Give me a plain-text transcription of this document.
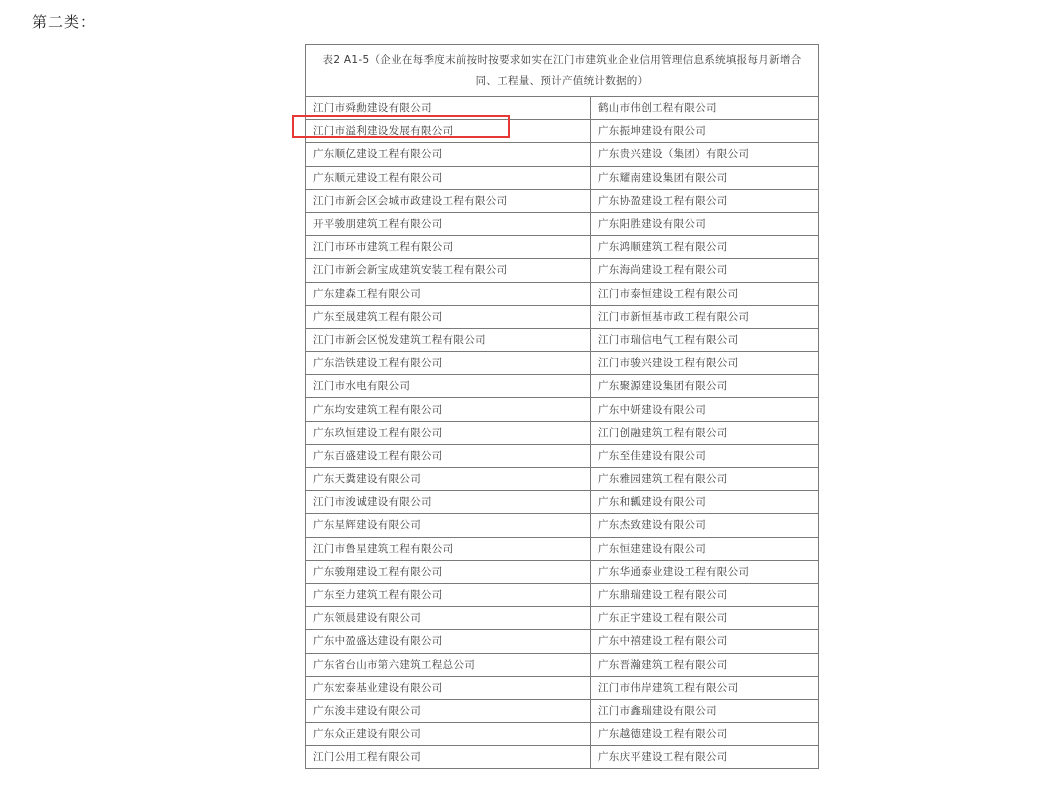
第二类：
表2 A1-5（企业在每季度末前按时按要求如实在江门市建筑业企业信用管理信息系统填报每月新增合同、工程量、预计产值统计数据的）	
江门市舜勳建设有限公司	鹤山市伟创工程有限公司
江门市溢利建设发展有限公司	广东振坤建设有限公司
广东顺亿建设工程有限公司	广东贵兴建设（集团）有限公司
广东顺元建设工程有限公司	广东耀南建设集团有限公司
江门市新会区会城市政建设工程有限公司	广东协盈建设工程有限公司
开平骏朋建筑工程有限公司	广东阳胜建设有限公司
江门市环市建筑工程有限公司	广东鸿顺建筑工程有限公司
江门市新会新宝成建筑安装工程有限公司	广东海尚建设工程有限公司
广东建森工程有限公司	江门市泰恒建设工程有限公司
广东至晟建筑工程有限公司	江门市新恒基市政工程有限公司
江门市新会区悦发建筑工程有限公司	江门市瑞信电气工程有限公司
广东浩铁建设工程有限公司	江门市骏兴建设工程有限公司
江门市水电有限公司	广东聚源建设集团有限公司
广东均安建筑工程有限公司	广东中妍建设有限公司
广东玖恒建设工程有限公司	江门创融建筑工程有限公司
广东百盛建设工程有限公司	广东至佳建设有限公司
广东天糞建设有限公司	广东雅园建筑工程有限公司
江门市浚诚建设有限公司	广东和瓤建设有限公司
广东星辉建设有限公司	广东杰致建设有限公司
江门市鲁星建筑工程有限公司	广东恒建建设有限公司
广东骏翔建设工程有限公司	广东华通泰业建设工程有限公司
广东至力建筑工程有限公司	广东鼎瑞建设工程有限公司
广东领晨建设有限公司	广东正宇建设工程有限公司
广东中盈盛达建设有限公司	广东中禧建设工程有限公司
广东省台山市第六建筑工程总公司	广东晋瀚建筑工程有限公司
广东宏泰基业建设有限公司	江门市伟岸建筑工程有限公司
广东浚丰建设有限公司	江门市鑫瑞建设有限公司
广东众正建设有限公司	广东越德建设工程有限公司
江门公用工程有限公司	广东庆平建设工程有限公司
